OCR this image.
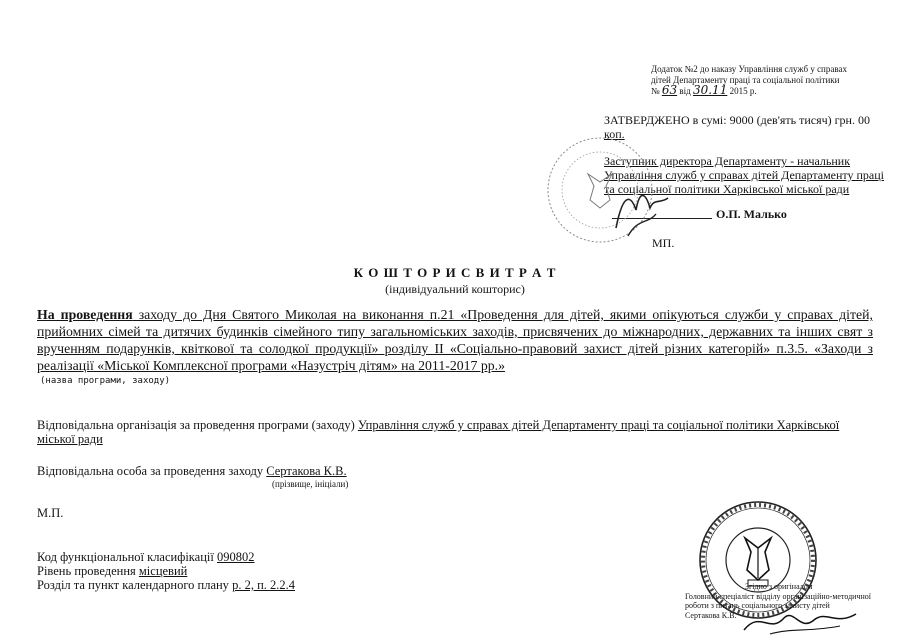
Додаток №2 до наказу Управління служб у справах
дітей Департаменту праці та соціальної політики
№ 63 від 30.11 2015 р.
ЗАТВЕРДЖЕНО в сумі: 9000 (дев'ять тисяч) грн. 00
коп.
Заступник директора Департаменту - начальник
Управління служб у справах дітей Департаменту праці
та соціальної політики Харківської міської ради
О.П. Малько
МП.
К О Ш Т О Р И С В И Т Р А Т
(індивідуальний кошторис)
На проведення заходу до Дня Святого Миколая на виконання п.21 «Проведення для дітей, якими опікуються служби у справах дітей, прийомних сімей та дитячих будинків сімейного типу загальноміських заходів, присвячених до міжнародних, державних та інших свят з врученням подарунків, квіткової та солодкої продукції» розділу ІІ «Соціально-правовий захист дітей різних категорій» п.3.5. «Заходи з реалізації «Міської Комплексної програми «Назустріч дітям» на 2011-2017 рр.»
(назва програми, заходу)
Відповідальна організація за проведення програми (заходу) Управління служб у справах дітей Департаменту праці та соціальної політики Харківської
міської ради
Відповідальна особа за проведення заходу Сертакова К.В.
(прізвище, ініціали)
М.П.
Код функціональної класифікації 090802
Рівень проведення місцевий
Розділ та пункт календарного плану р. 2, п. 2.2.4	Згідно з оригіналом
Головний спеціаліст відділу організаційно-методичної
роботи з питань соціального захисту дітей
Сертакова К.В.
